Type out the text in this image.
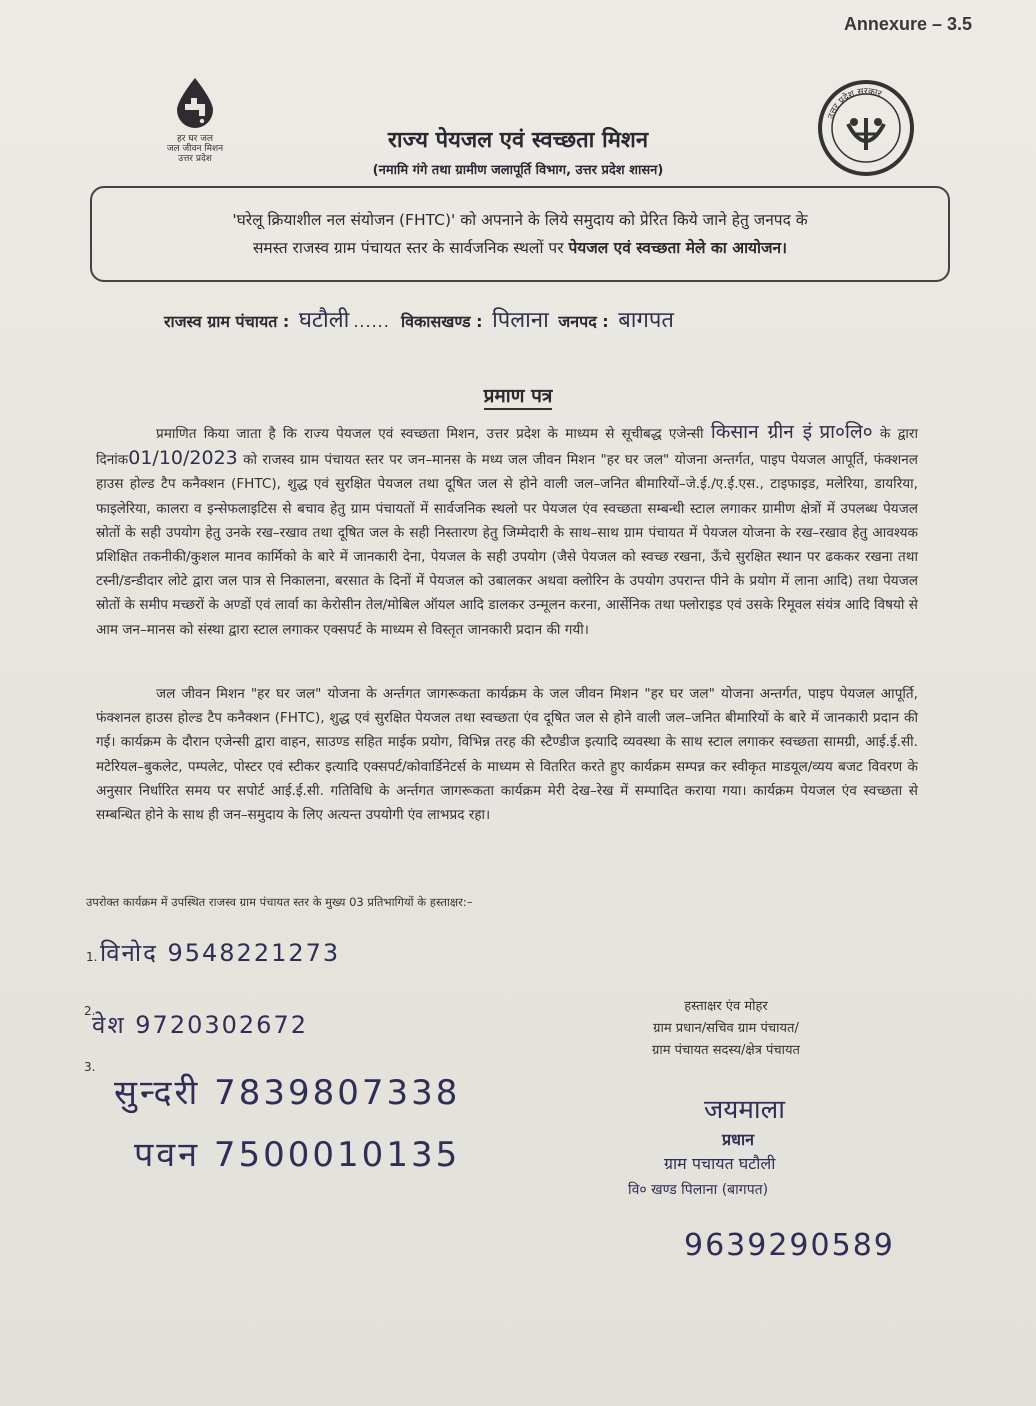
Annexure – 3.5
हर घर जल
जल जीवन मिशन
उत्तर प्रदेश
उत्तर प्रदेश सरकार
राज्य पेयजल एवं स्वच्छता मिशन
(नमामि गंगे तथा ग्रामीण जलापूर्ति विभाग, उत्तर प्रदेश शासन)
'घरेलू क्रियाशील नल संयोजन (FHTC)' को अपनाने के लिये समुदाय को प्रेरित किये जाने हेतु जनपद के
समस्त राजस्व ग्राम पंचायत स्तर के सार्वजनिक स्थलों पर पेयजल एवं स्वच्छता मेले का आयोजन।
राजस्व ग्राम पंचायत : घटौली ...... विकासखण्ड : पिलाना जनपद : बागपत
प्रमाण पत्र
प्रमाणित किया जाता है कि राज्य पेयजल एवं स्वच्छता मिशन, उत्तर प्रदेश के माध्यम से सूचीबद्ध एजेन्सी किसान ग्रीन इं प्रा०लि० के द्वारा दिनांक01/10/2023 को राजस्व ग्राम पंचायत स्तर पर जन–मानस के मध्य जल जीवन मिशन "हर घर जल" योजना अन्तर्गत, पाइप पेयजल आपूर्ति, फंक्शनल हाउस होल्ड टैप कनैक्शन (FHTC), शुद्ध एवं सुरक्षित पेयजल तथा दूषित जल से होने वाली जल–जनित बीमारियों–जे.ई./ए.ई.एस., टाइफाइड, मलेरिया, डायरिया, फाइलेरिया, कालरा व इन्सेफलाइटिस से बचाव हेतु ग्राम पंचायतों में सार्वजनिक स्थलो पर पेयजल एंव स्वच्छता सम्बन्धी स्टाल लगाकर ग्रामीण क्षेत्रों में उपलब्ध पेयजल स्रोतों के सही उपयोग हेतु उनके रख–रखाव तथा दूषित जल के सही निस्तारण हेतु जिम्मेदारी के साथ–साथ ग्राम पंचायत में पेयजल योजना के रख–रखाव हेतु आवश्यक प्रशिक्षित तकनीकी/कुशल मानव कार्मिको के बारे में जानकारी देना, पेयजल के सही उपयोग (जैसे पेयजल को स्वच्छ रखना, ऊँचे सुरक्षित स्थान पर ढककर रखना तथा टस्नी/डन्डीदार लोटे द्वारा जल पात्र से निकालना, बरसात के दिनों में पेयजल को उबालकर अथवा क्लोरिन के उपयोग उपरान्त पीने के प्रयोग में लाना आदि) तथा पेयजल स्रोतों के समीप मच्छरों के अण्डों एवं लार्वा का केरोसीन तेल/मोबिल ऑयल आदि डालकर उन्मूलन करना, आर्सेनिक तथा फ्लोराइड एवं उसके रिमूवल संयंत्र आदि विषयो से आम जन–मानस को संस्था द्वारा स्टाल लगाकर एक्सपर्ट के माध्यम से विस्तृत जानकारी प्रदान की गयी।
जल जीवन मिशन "हर घर जल" योजना के अर्न्तगत जागरूकता कार्यक्रम के जल जीवन मिशन "हर घर जल" योजना अन्तर्गत, पाइप पेयजल आपूर्ति, फंक्शनल हाउस होल्ड टैप कनैक्शन (FHTC), शुद्ध एवं सुरक्षित पेयजल तथा स्वच्छता एंव दूषित जल से होने वाली जल–जनित बीमारियों के बारे में जानकारी प्रदान की गई। कार्यक्रम के दौरान एजेन्सी द्वारा वाहन, साउण्ड सहित माईक प्रयोग, विभिन्न तरह की स्टैण्डीज इत्यादि व्यवस्था के साथ स्टाल लगाकर स्वच्छता सामग्री, आई.ई.सी. मटेरियल–बुकलेट, पम्पलेट, पोस्टर एवं स्टीकर इत्यादि एक्सपर्ट/कोवार्डिनेटर्स के माध्यम से वितरित करते हुए कार्यक्रम सम्पन्न कर स्वीकृत माडयूल/व्यय बजट विवरण के अनुसार निर्धारित समय पर सपोर्ट आई.ई.सी. गतिविधि के अर्न्तगत जागरूकता कार्यक्रम मेरी देख–रेख में सम्पादित कराया गया। कार्यक्रम पेयजल एंव स्वच्छता से सम्बन्धित होने के साथ ही जन–समुदाय के लिए अत्यन्त उपयोगी एंव लाभप्रद रहा।
उपरोक्त कार्यक्रम में उपस्थित राजस्व ग्राम पंचायत स्तर के मुख्य 03 प्रतिभागियों के हस्ताक्षर:–
1. विनोद 9548221273
2.
वेश 9720302672
3.
सुन्दरी 7839807338
पवन 7500010135
हस्ताक्षर एंव मोहर
ग्राम प्रधान/सचिव ग्राम पंचायत/
ग्राम पंचायत सदस्य/क्षेत्र पंचायत
जयमाला
प्रधान
ग्राम पचायत घटौली
वि० खण्ड पिलाना (बागपत)
9639290589
